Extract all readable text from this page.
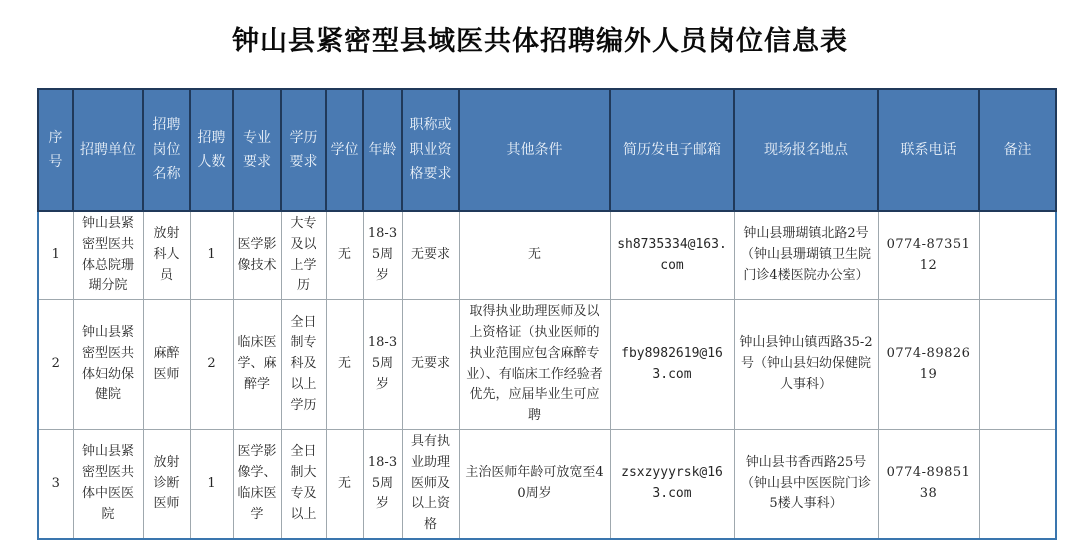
钟山县紧密型县域医共体招聘编外人员岗位信息表
序号	招聘单位	招聘岗位名称	招聘人数	专业要求	学历要求	学位	年龄	职称或职业资格要求	其他条件	简历发电子邮箱	现场报名地点	联系电话	备注
1	钟山县紧密型医共体总院珊瑚分院	放射科人员	1	医学影像技术	大专及以上学历	无	18-35周岁	无要求	无	sh8735334@163.com	钟山县珊瑚镇北路2号（钟山县珊瑚镇卫生院门诊4楼医院办公室）	0774-8735112	
2	钟山县紧密型医共体妇幼保健院	麻醉医师	2	临床医学、麻醉学	全日制专科及以上学历	无	18-35周岁	无要求	取得执业助理医师及以上资格证（执业医师的执业范围应包含麻醉专业）、有临床工作经验者优先，应届毕业生可应聘	fby8982619@163.com	钟山县钟山镇西路35-2号（钟山县妇幼保健院人事科）	0774-8982619	
3	钟山县紧密型医共体中医医院	放射诊断医师	1	医学影像学、临床医学	全日制大专及以上	无	18-35周岁	具有执业助理医师及以上资格	主治医师年龄可放宽至40周岁	zsxzyyyrsk@163.com	钟山县书香西路25号（钟山县中医医院门诊5楼人事科）	0774-8985138	
